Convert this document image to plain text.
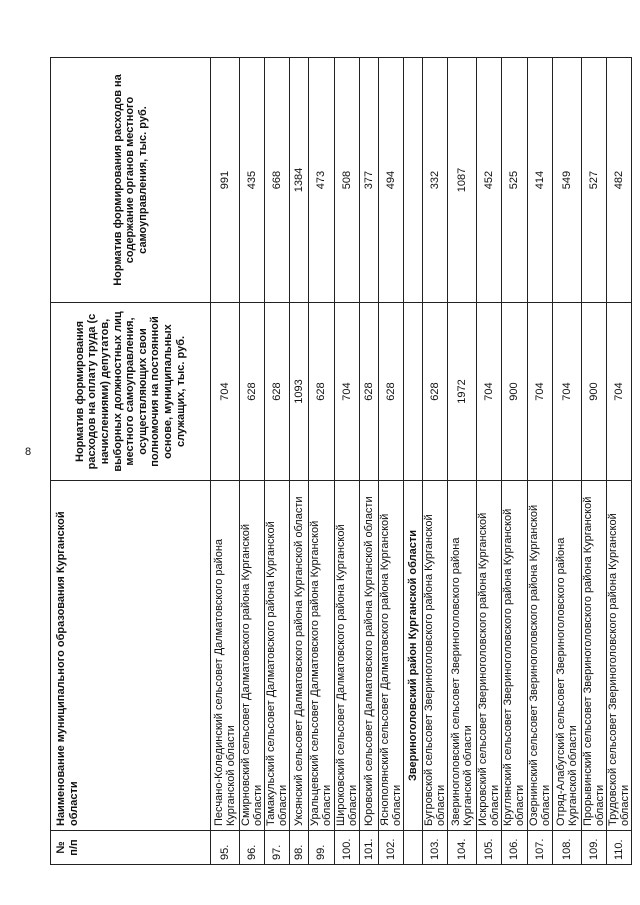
8
№ п/п	Наименование муниципального образования Курганской области	Норматив формирования расходов на оплату труда (с начислениями) депутатов, выборных должностных лиц местного самоуправления, осуществляющих свои полномочия на постоянной основе, муниципальных служащих, тыс. руб.	Норматив формирования расходов на содержание органов местного самоуправления, тыс. руб.
95.	Песчано-Колединский сельсовет Далматовского района Курганской области	704	991
96.	Смирновский сельсовет Далматовского района Курганской области	628	435
97.	Тамакульский сельсовет Далматовского района Курганской области	628	668
98.	Уксянский сельсовет Далматовского района Курганской области	1093	1384
99.	Уральцевский сельсовет Далматовского района Курганской области	628	473
100.	Широковский сельсовет Далматовского района Курганской области	704	508
101.	Юровский сельсовет Далматовского района Курганской области	628	377
102.	Яснополянский сельсовет Далматовского района Курганской области	628	494
	Звериноголовский район Курганской области		
103.	Бугровской сельсовет Звериноголовского района Курганской области	628	332
104.	Звериноголовский сельсовет Звериноголовского района Курганской области	1972	1087
105.	Искровский сельсовет Звериноголовского района Курганской области	704	452
106.	Круглянский сельсовет Звериноголовского района Курганской области	900	525
107.	Озернинский сельсовет Звериноголовского района Курганской области	704	414
108.	Отряд-Алабугский сельсовет Звериноголовского района Курганской области	704	549
109.	Прорывинский сельсовет Звериноголовского района Курганской области	900	527
110.	Трудовской сельсовет Звериноголовского района Курганской области	704	482
